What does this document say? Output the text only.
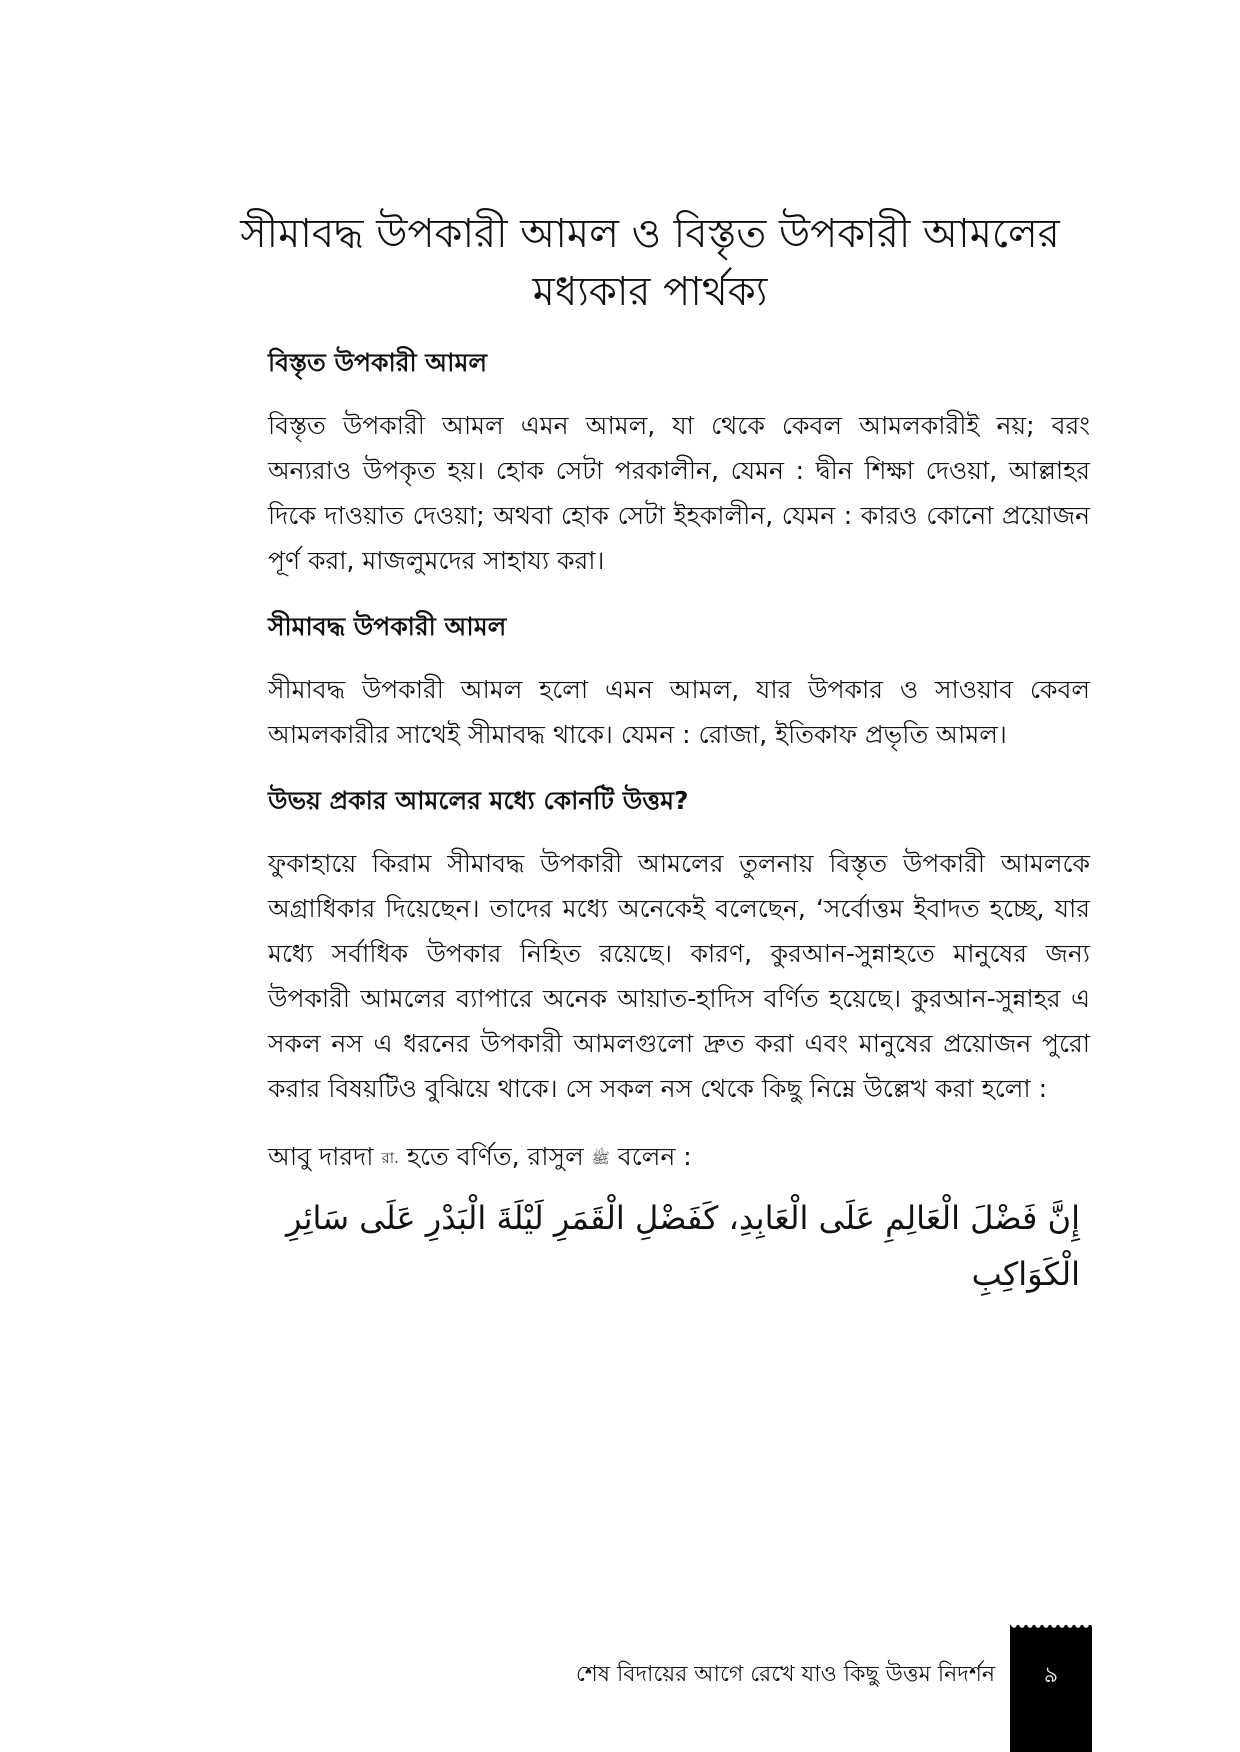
সীমাবদ্ধ উপকারী আমল ও বিস্তৃত উপকারী আমলের
মধ্যকার পার্থক্য
বিস্তৃত উপকারী আমল

বিস্তৃত উপকারী আমল এমন আমল, যা থেকে কেবল আমলকারীই নয়; বরং অন্যরাও উপকৃত হয়। হোক সেটা পরকালীন, যেমন : দ্বীন শিক্ষা দেওয়া, আল্লাহর দিকে দাওয়াত দেওয়া; অথবা হোক সেটা ইহকালীন, যেমন : কারও কোনো প্রয়োজন পূর্ণ করা, মাজলুমদের সাহায্য করা।

সীমাবদ্ধ উপকারী আমল

সীমাবদ্ধ উপকারী আমল হলো এমন আমল, যার উপকার ও সাওয়াব কেবল আমলকারীর সাথেই সীমাবদ্ধ থাকে। যেমন : রোজা, ইতিকাফ প্রভৃতি আমল।

উভয় প্রকার আমলের মধ্যে কোনটি উত্তম?

ফুকাহায়ে কিরাম সীমাবদ্ধ উপকারী আমলের তুলনায় বিস্তৃত উপকারী আমলকে অগ্রাধিকার দিয়েছেন। তাদের মধ্যে অনেকেই বলেছেন, ‘সর্বোত্তম ইবাদত হচ্ছে, যার মধ্যে সর্বাধিক উপকার নিহিত রয়েছে। কারণ, কুরআন-সুন্নাহতে মানুষের জন্য উপকারী আমলের ব্যাপারে অনেক আয়াত-হাদিস বর্ণিত হয়েছে। কুরআন-সুন্নাহর এ সকল নস এ ধরনের উপকারী আমলগুলো দ্রুত করা এবং মানুষের প্রয়োজন পুরো করার বিষয়টিও বুঝিয়ে থাকে। সে সকল নস থেকে কিছু নিম্নে উল্লেখ করা হলো :

আবু দারদা রা. হতে বর্ণিত, রাসুল ﷺ বলেন :

إِنَّ فَضْلَ الْعَالِمِ عَلَى الْعَابِدِ، كَفَضْلِ الْقَمَرِ لَيْلَةَ الْبَدْرِ عَلَى سَائِرِ الْكَوَاكِبِ

শেষ বিদায়ের আগে রেখে যাও কিছু উত্তম নিদর্শন	৯
